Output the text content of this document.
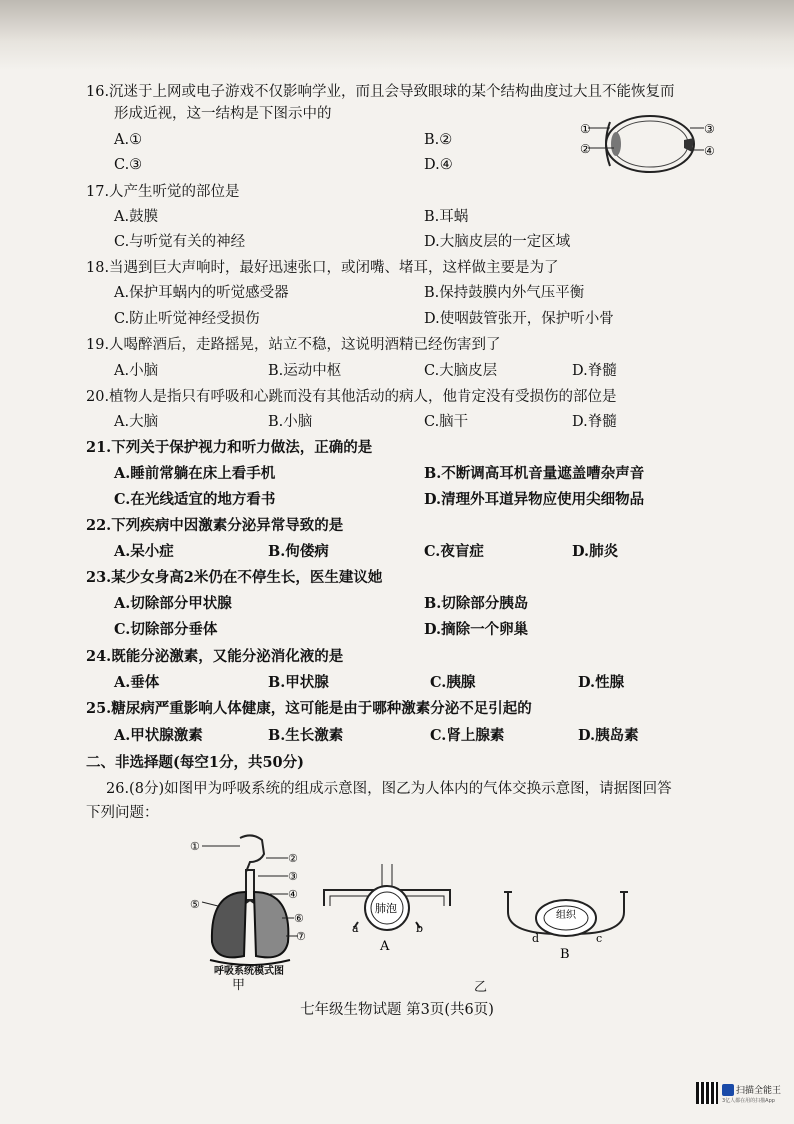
16.沉迷于上网或电子游戏不仅影响学业，而且会导致眼球的某个结构曲度过大且不能恢复而
形成近视，这一结构是下图示中的
A.①	B.②
C.③	D.④
①
②
③
④
17.人产生听觉的部位是
A.鼓膜	B.耳蜗
C.与听觉有关的神经	D.大脑皮层的一定区域
18.当遇到巨大声响时，最好迅速张口，或闭嘴、堵耳，这样做主要是为了
A.保护耳蜗内的听觉感受器	B.保持鼓膜内外气压平衡
C.防止听觉神经受损伤	D.使咽鼓管张开，保护听小骨
19.人喝醉酒后，走路摇晃，站立不稳，这说明酒精已经伤害到了
A.小脑	B.运动中枢	C.大脑皮层	D.脊髓
20.植物人是指只有呼吸和心跳而没有其他活动的病人，他肯定没有受损伤的部位是
A.大脑	B.小脑	C.脑干	D.脊髓
21.下列关于保护视力和听力做法，正确的是
A.睡前常躺在床上看手机	B.不断调高耳机音量遮盖嘈杂声音
C.在光线适宜的地方看书	D.清理外耳道异物应使用尖细物品
22.下列疾病中因激素分泌异常导致的是
A.呆小症	B.佝偻病	C.夜盲症	D.肺炎
23.某少女身高2米仍在不停生长，医生建议她
A.切除部分甲状腺	B.切除部分胰岛
C.切除部分垂体	D.摘除一个卵巢
24.既能分泌激素，又能分泌消化液的是
A.垂体	B.甲状腺	C.胰腺	D.性腺
25.糖尿病严重影响人体健康，这可能是由于哪种激素分泌不足引起的
A.甲状腺激素	B.生长激素	C.肾上腺素	D.胰岛素
二、非选择题(每空1分，共50分)
26.(8分)如图甲为呼吸系统的组成示意图，图乙为人体内的气体交换示意图，请据图回答
下列问题：
①
②
③
④
⑤
⑥
⑦
呼吸系统模式图
甲
肺泡
a	b
A
组织
d	c
B
乙
七年级生物试题 第3页(共6页)
扫描全能王
3亿人都在用的扫描App
